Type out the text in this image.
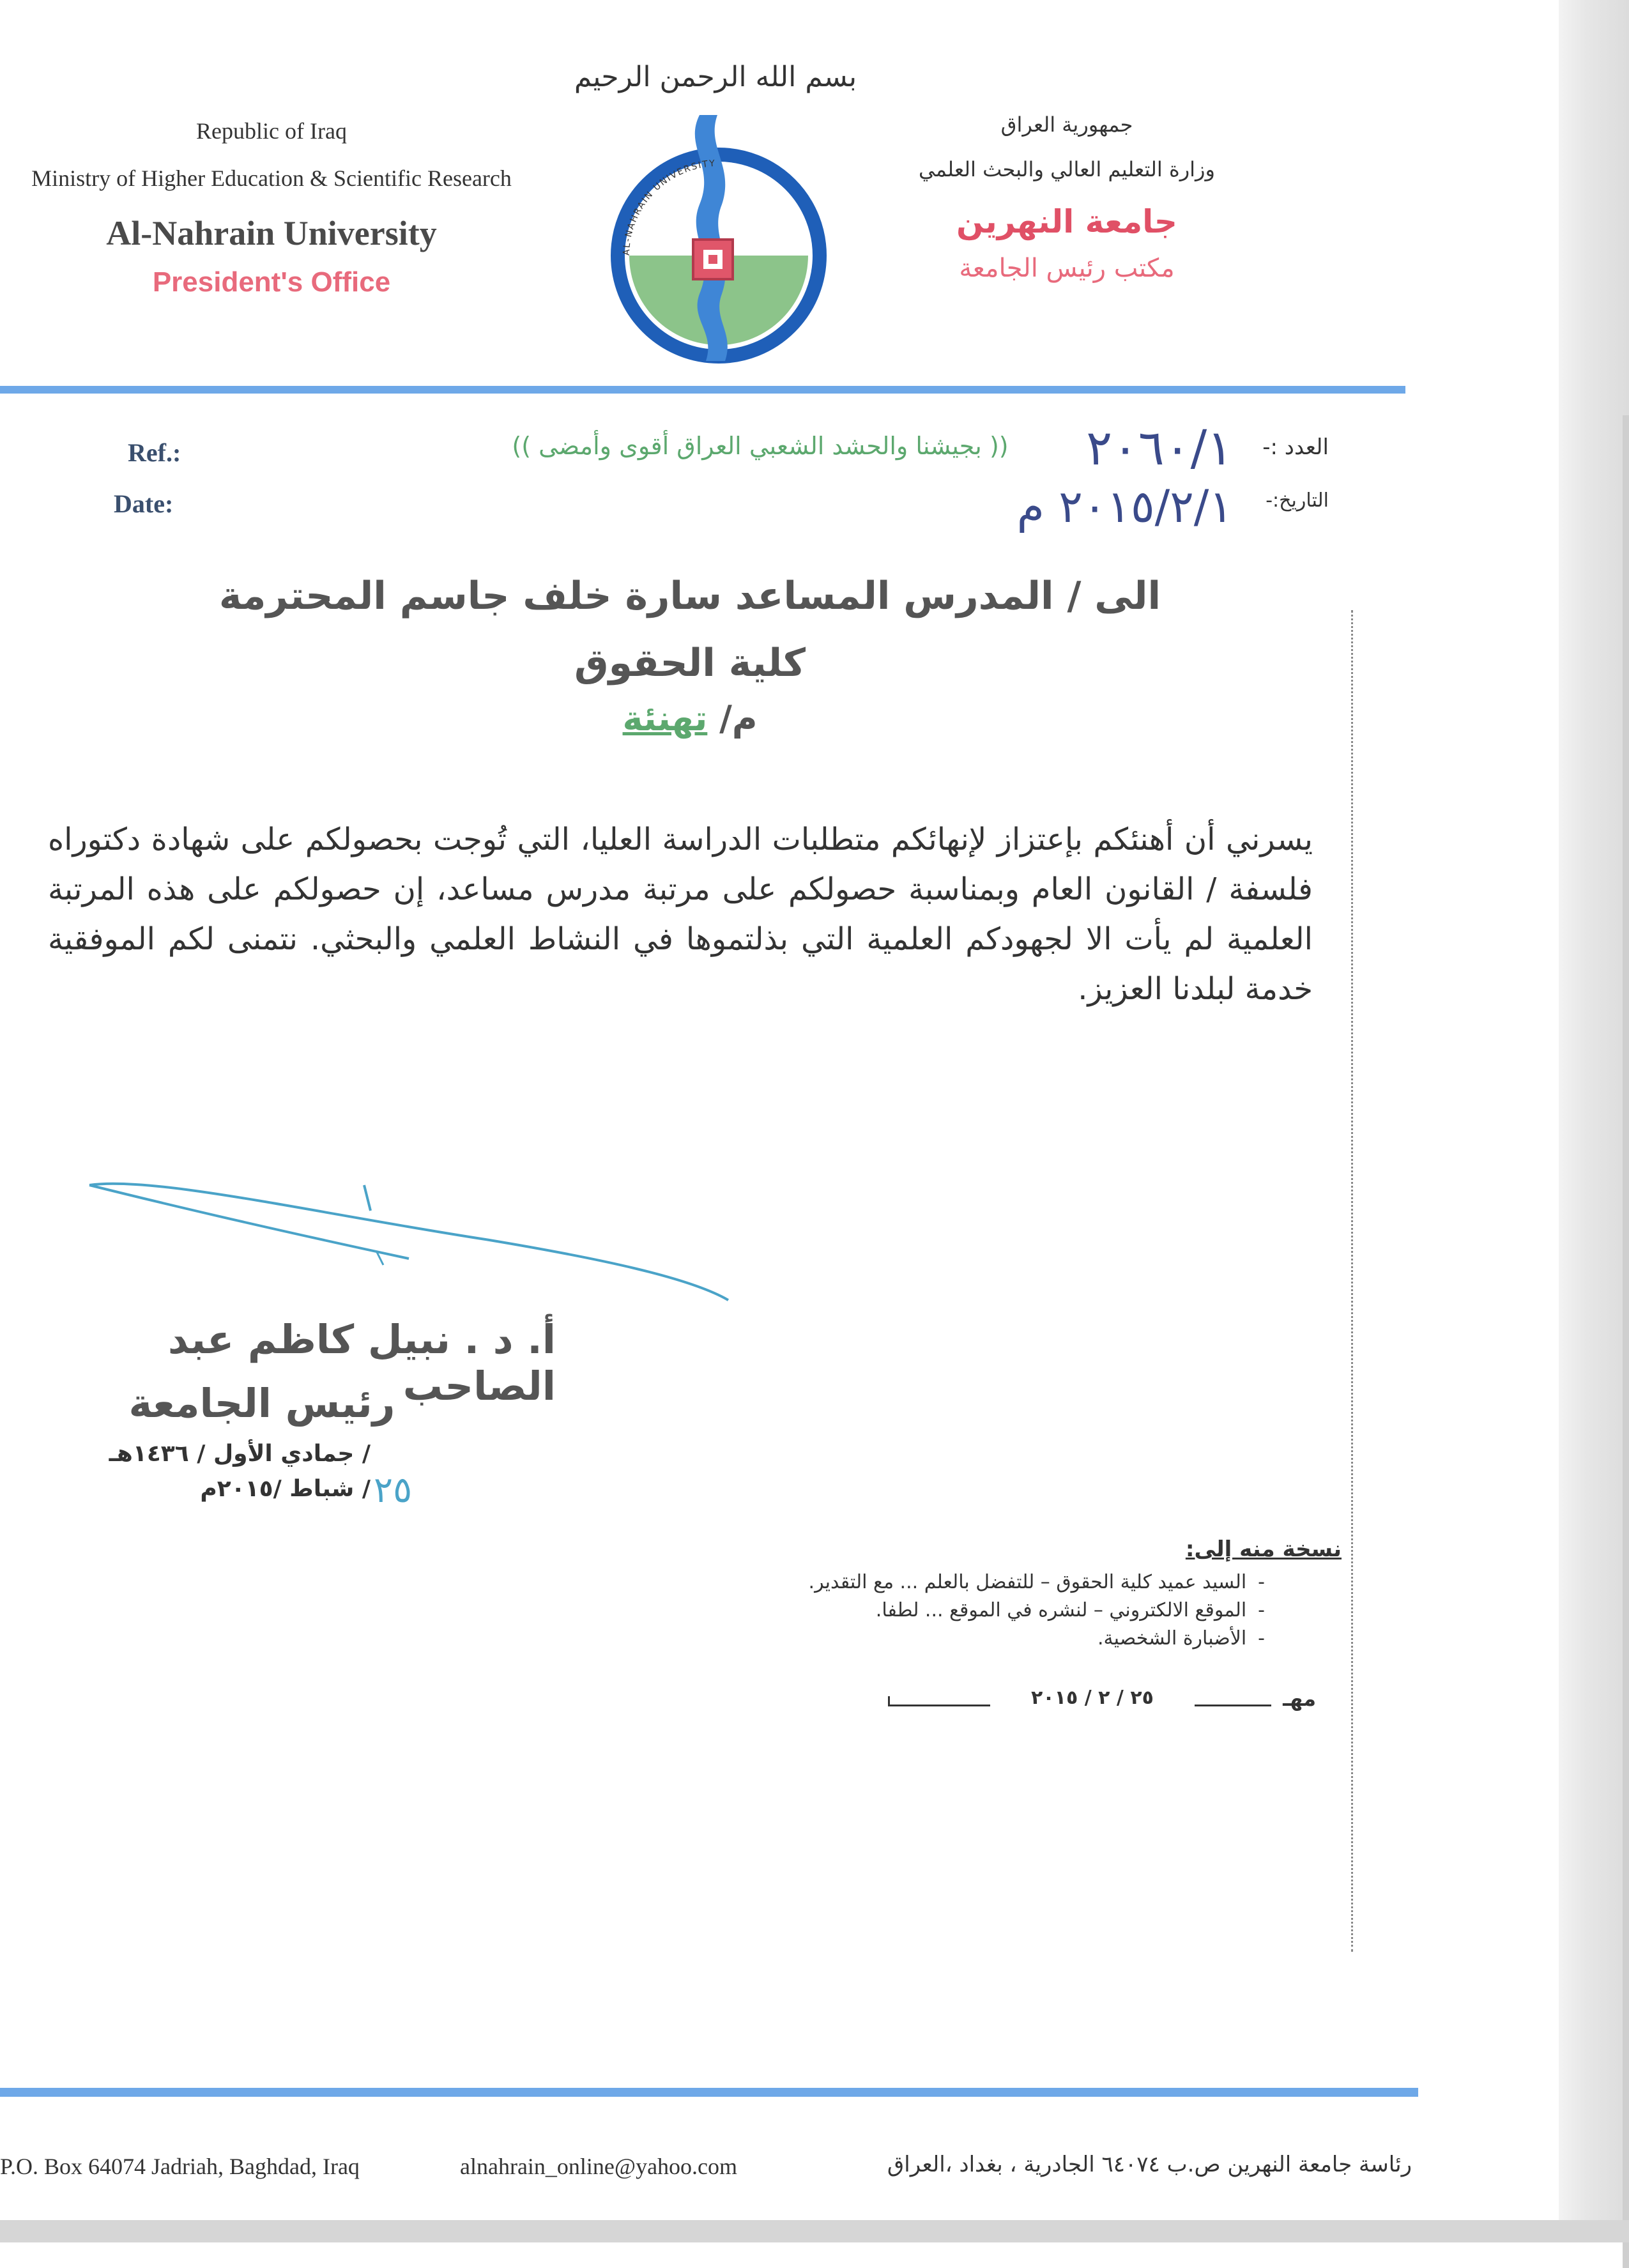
Republic of Iraq
Ministry of Higher Education & Scientific Research
Al-Nahrain University
President's Office
جمهورية العراق
وزارة التعليم العالي والبحث العلمي
جامعة النهرين
مكتب رئيس الجامعة
بسم الله الرحمن الرحيم
AL-NAHRAIN UNIVERSITY
Ref.:
Date:
العدد :-
التاريخ:-
٢٠٦٠/١
٢٠١٥/٢/١ م
(( بجيشنا والحشد الشعبي العراق أقوى وأمضى ))
الى / المدرس المساعد سارة خلف جاسم المحترمة
كلية الحقوق
م/ تهنئة
يسرني أن أهنئكم بإعتزاز لإنهائكم متطلبات الدراسة العليا، التي تُوجت بحصولكم على شهادة دكتوراه فلسفة / القانون العام وبمناسبة حصولكم على مرتبة مدرس مساعد، إن حصولكم على هذه المرتبة العلمية لم يأت الا لجهودكم العلمية التي بذلتموها في النشاط العلمي والبحثي. نتمنى لكم الموفقية خدمة لبلدنا العزيز.
أ. د . نبيل كاظم عبد الصاحب
رئيس الجامعة
/ جمادي الأول / ١٤٣٦هـ
/ شباط /٢٠١٥م ٢٥
نسخة منه إلى:
-السيد عميد كلية الحقوق – للتفضل بالعلم ... مع التقدير.
-الموقع الالكتروني – لنشره في الموقع ... لطفا.
-الأضبارة الشخصية.
مهـ
٢٥ / ٢ / ٢٠١٥
P.O. Box 64074 Jadriah, Baghdad, Iraq	alnahrain_online@yahoo.com	رئاسة جامعة النهرين ص.ب ٦٤٠٧٤ الجادرية ، بغداد ،العراق
